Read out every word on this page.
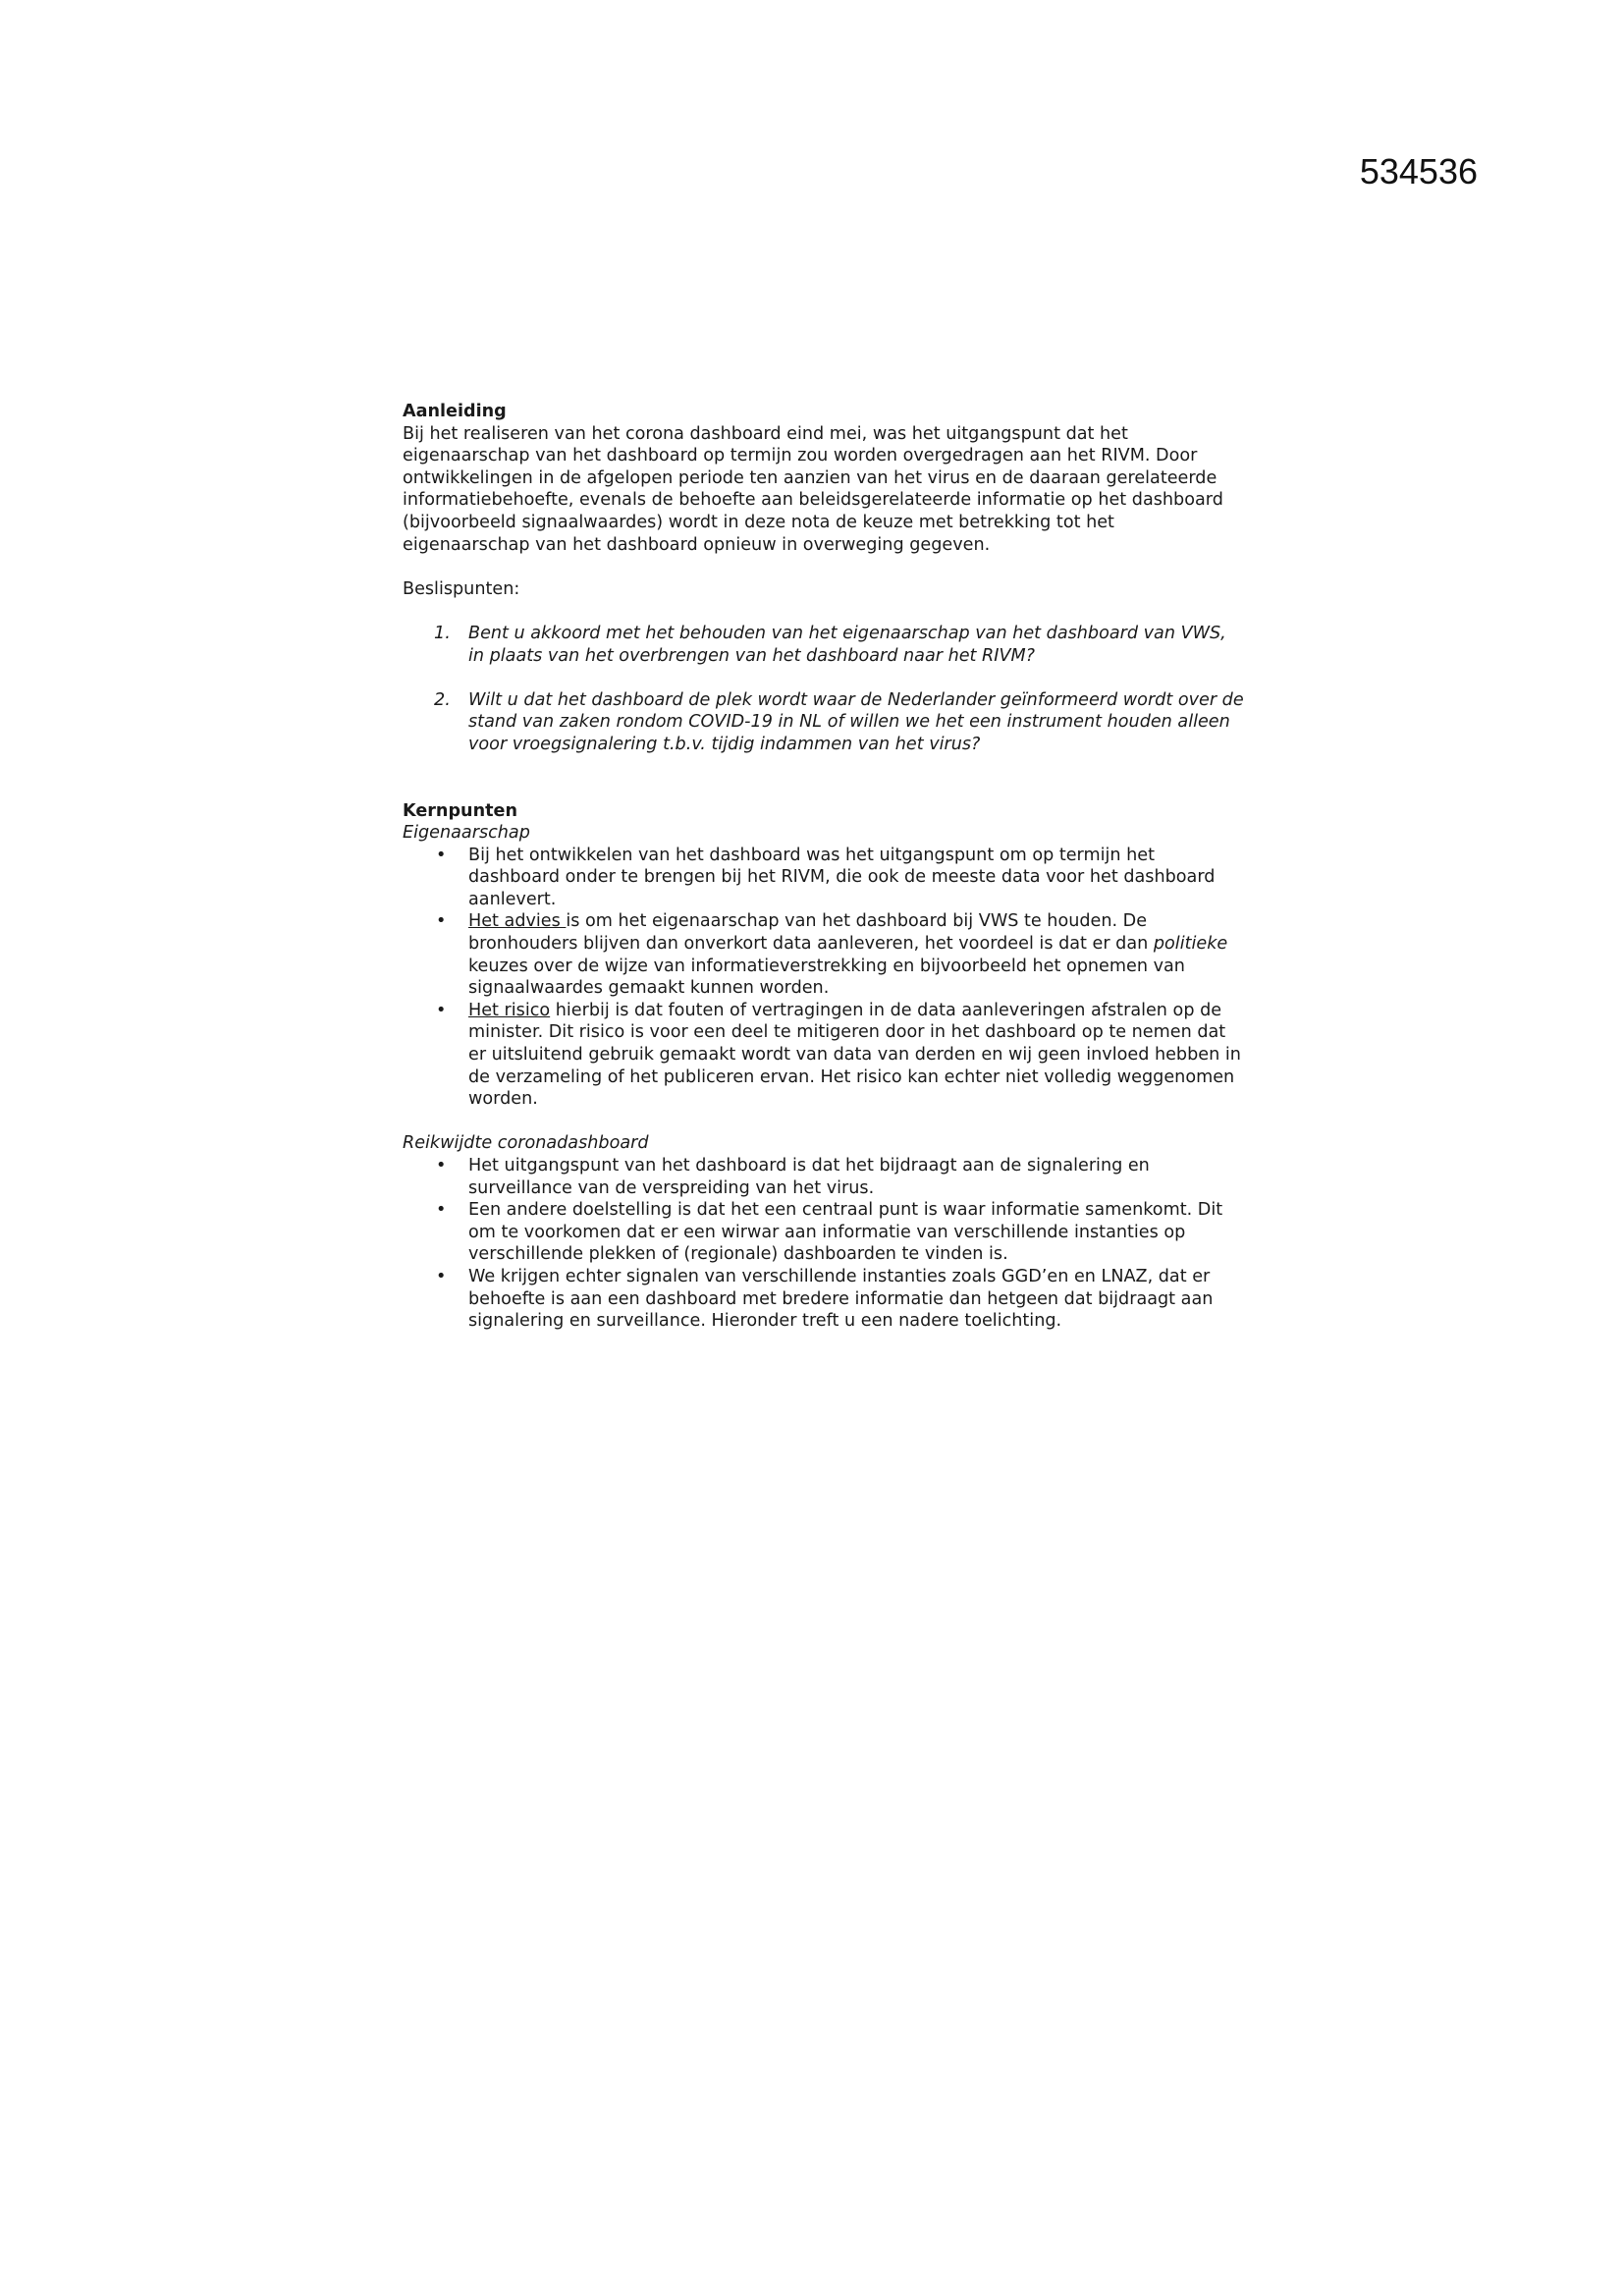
534536

Aanleiding

Bij het realiseren van het corona dashboard eind mei, was het uitgangspunt dat het eigenaarschap van het dashboard op termijn zou worden overgedragen aan het RIVM. Door ontwikkelingen in de afgelopen periode ten aanzien van het virus en de daaraan gerelateerde informatiebehoefte, evenals de behoefte aan beleidsgerelateerde informatie op het dashboard (bijvoorbeeld signaalwaardes) wordt in deze nota de keuze met betrekking tot het eigenaarschap van het dashboard opnieuw in overweging gegeven.

Beslispunten:

1. Bent u akkoord met het behouden van het eigenaarschap van het dashboard van VWS, in plaats van het overbrengen van het dashboard naar het RIVM?
2. Wilt u dat het dashboard de plek wordt waar de Nederlander geïnformeerd wordt over de stand van zaken rondom COVID-19 in NL of willen we het een instrument houden alleen voor vroegsignalering t.b.v. tijdig indammen van het virus?

Kernpunten

Eigenaarschap

• Bij het ontwikkelen van het dashboard was het uitgangspunt om op termijn het dashboard onder te brengen bij het RIVM, die ook de meeste data voor het dashboard aanlevert.
• Het advies is om het eigenaarschap van het dashboard bij VWS te houden. De bronhouders blijven dan onverkort data aanleveren, het voordeel is dat er dan politieke keuzes over de wijze van informatieverstrekking en bijvoorbeeld het opnemen van signaalwaardes gemaakt kunnen worden.
• Het risico hierbij is dat fouten of vertragingen in de data aanleveringen afstralen op de minister. Dit risico is voor een deel te mitigeren door in het dashboard op te nemen dat er uitsluitend gebruik gemaakt wordt van data van derden en wij geen invloed hebben in de verzameling of het publiceren ervan. Het risico kan echter niet volledig weggenomen worden.

Reikwijdte coronadashboard

• Het uitgangspunt van het dashboard is dat het bijdraagt aan de signalering en surveillance van de verspreiding van het virus.
• Een andere doelstelling is dat het een centraal punt is waar informatie samenkomt. Dit om te voorkomen dat er een wirwar aan informatie van verschillende instanties op verschillende plekken of (regionale) dashboarden te vinden is.
• We krijgen echter signalen van verschillende instanties zoals GGD’en en LNAZ, dat er behoefte is aan een dashboard met bredere informatie dan hetgeen dat bijdraagt aan signalering en surveillance. Hieronder treft u een nadere toelichting.
